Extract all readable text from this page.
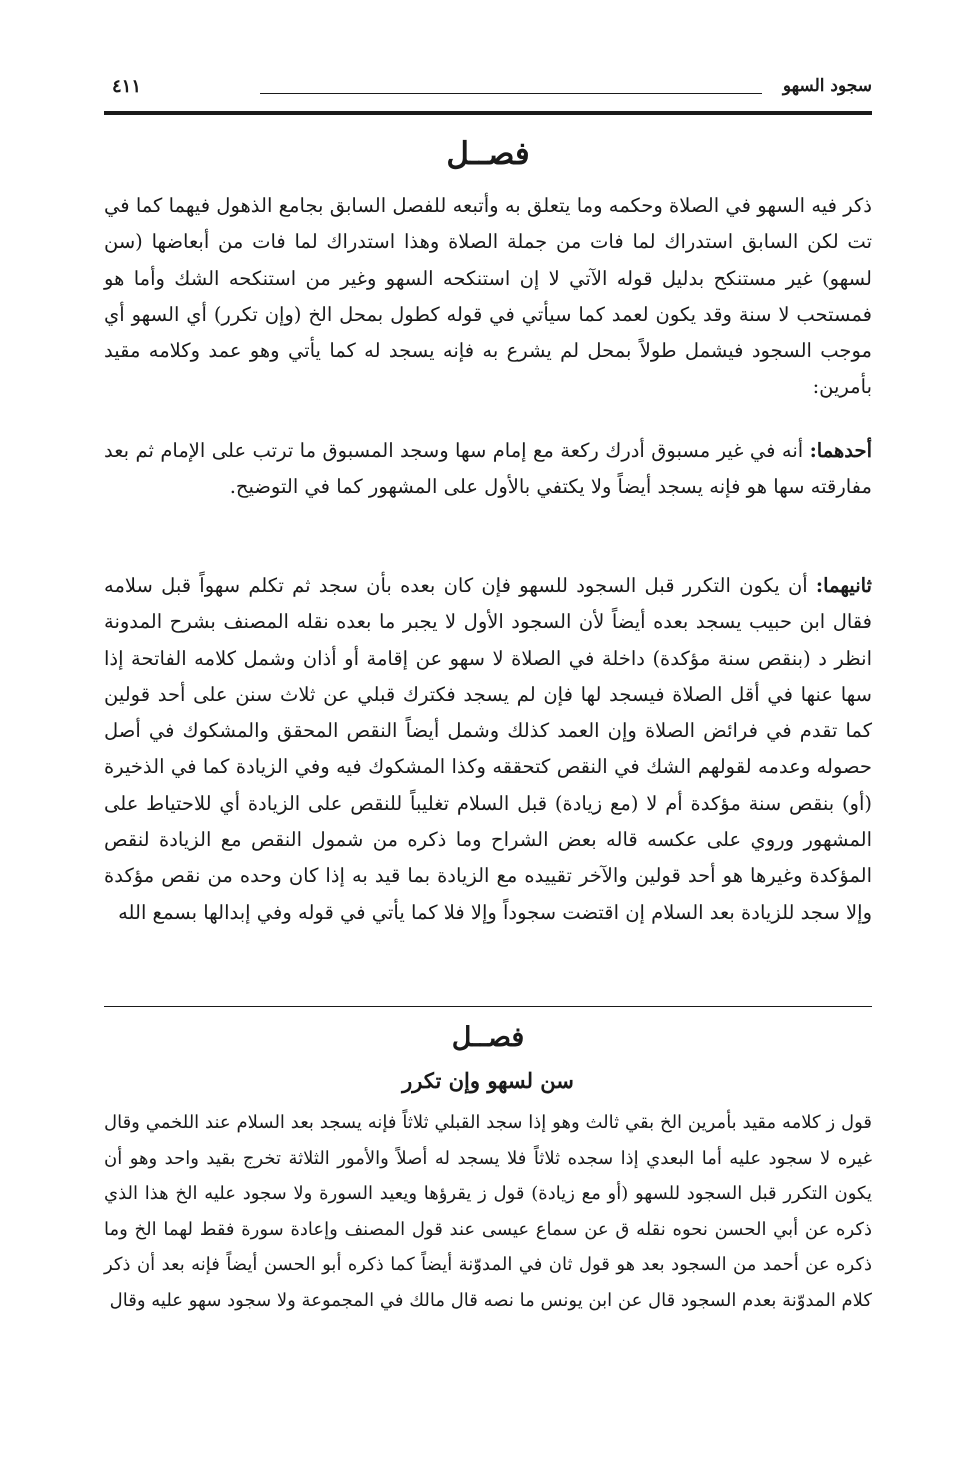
سجود السهو
٤١١
فصــل

ذكر فيه السهو في الصلاة وحكمه وما يتعلق به وأتبعه للفصل السابق بجامع الذهول فيهما كما في تت لكن السابق استدراك لما فات من جملة الصلاة وهذا استدراك لما فات من أبعاضها (سن لسهو) غير مستنكح بدليل قوله الآتي لا إن استنكحه السهو وغير من استنكحه الشك وأما هو فمستحب لا سنة وقد يكون لعمد كما سيأتي في قوله كطول بمحل الخ (وإن تكرر) أي السهو أي موجب السجود فيشمل طولاً بمحل لم يشرع به فإنه يسجد له كما يأتي وهو عمد وكلامه مقيد بأمرين:

أحدهما: أنه في غير مسبوق أدرك ركعة مع إمام سها وسجد المسبوق ما ترتب على الإمام ثم بعد مفارقته سها هو فإنه يسجد أيضاً ولا يكتفي بالأول على المشهور كما في التوضيح.

ثانيهما: أن يكون التكرر قبل السجود للسهو فإن كان بعده بأن سجد ثم تكلم سهواً قبل سلامه فقال ابن حبيب يسجد بعده أيضاً لأن السجود الأول لا يجبر ما بعده نقله المصنف بشرح المدونة انظر د (بنقص سنة مؤكدة) داخلة في الصلاة لا سهو عن إقامة أو أذان وشمل كلامه الفاتحة إذا سها عنها في أقل الصلاة فيسجد لها فإن لم يسجد فكترك قبلي عن ثلاث سنن على أحد قولين كما تقدم في فرائض الصلاة وإن العمد كذلك وشمل أيضاً النقص المحقق والمشكوك في أصل حصوله وعدمه لقولهم الشك في النقص كتحققه وكذا المشكوك فيه وفي الزيادة كما في الذخيرة (أو) بنقص سنة مؤكدة أم لا (مع زيادة) قبل السلام تغليباً للنقص على الزيادة أي للاحتياط على المشهور وروي على عكسه قاله بعض الشراح وما ذكره من شمول النقص مع الزيادة لنقص المؤكدة وغيرها هو أحد قولين والآخر تقييده مع الزيادة بما قيد به إذا كان وحده من نقص مؤكدة وإلا سجد للزيادة بعد السلام إن اقتضت سجوداً وإلا فلا كما يأتي في قوله وفي إبدالها بسمع الله

فصــل
سن لسهو وإن تكرر

قول ز كلامه مقيد بأمرين الخ بقي ثالث وهو إذا سجد القبلي ثلاثاً فإنه يسجد بعد السلام عند اللخمي وقال غيره لا سجود عليه أما البعدي إذا سجده ثلاثاً فلا يسجد له أصلاً والأمور الثلاثة تخرج بقيد واحد وهو أن يكون التكرر قبل السجود للسهو (أو مع زيادة) قول ز يقرؤها ويعيد السورة ولا سجود عليه الخ هذا الذي ذكره عن أبي الحسن نحوه نقله ق عن سماع عيسى عند قول المصنف وإعادة سورة فقط لهما الخ وما ذكره عن أحمد من السجود بعد هو قول ثان في المدوّنة أيضاً كما ذكره أبو الحسن أيضاً فإنه بعد أن ذكر كلام المدوّنة بعدم السجود قال عن ابن يونس ما نصه قال مالك في المجموعة ولا سجود سهو عليه وقال
